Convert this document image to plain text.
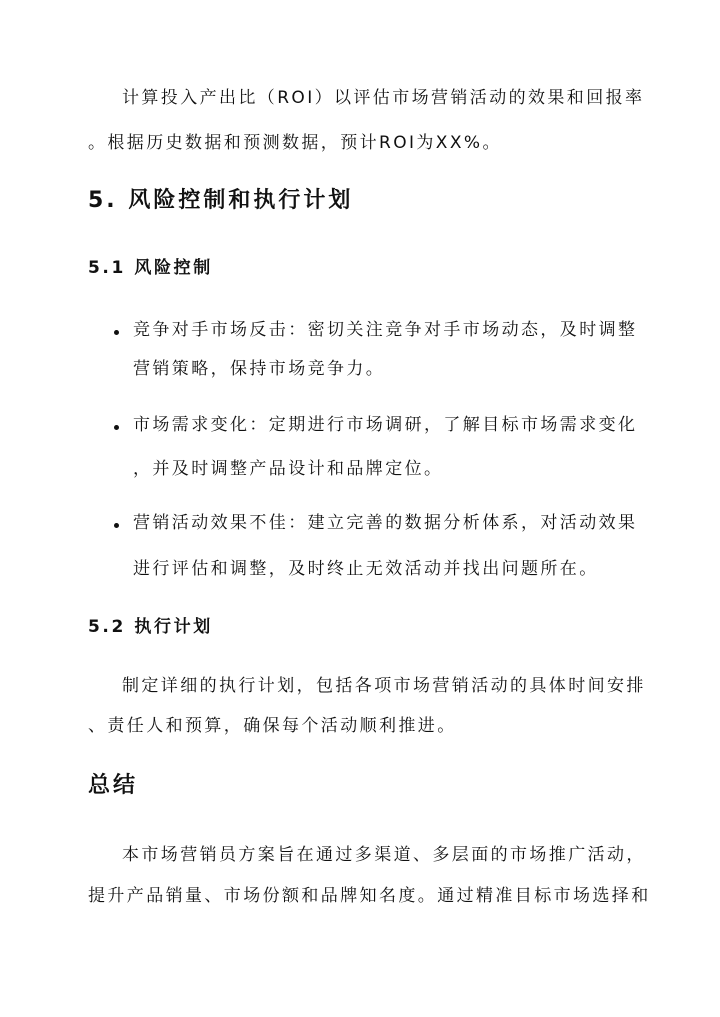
计算投入产出比（ROI）以评估市场营销活动的效果和回报率
。根据历史数据和预测数据，预计ROI为XX%。
5. 风险控制和执行计划
5.1 风险控制
竞争对手市场反击：密切关注竞争对手市场动态，及时调整
营销策略，保持市场竞争力。
市场需求变化：定期进行市场调研，了解目标市场需求变化
，并及时调整产品设计和品牌定位。
营销活动效果不佳：建立完善的数据分析体系，对活动效果
进行评估和调整，及时终止无效活动并找出问题所在。
5.2 执行计划
制定详细的执行计划，包括各项市场营销活动的具体时间安排
、责任人和预算，确保每个活动顺利推进。
总结
本市场营销员方案旨在通过多渠道、多层面的市场推广活动，
提升产品销量、市场份额和品牌知名度。通过精准目标市场选择和
